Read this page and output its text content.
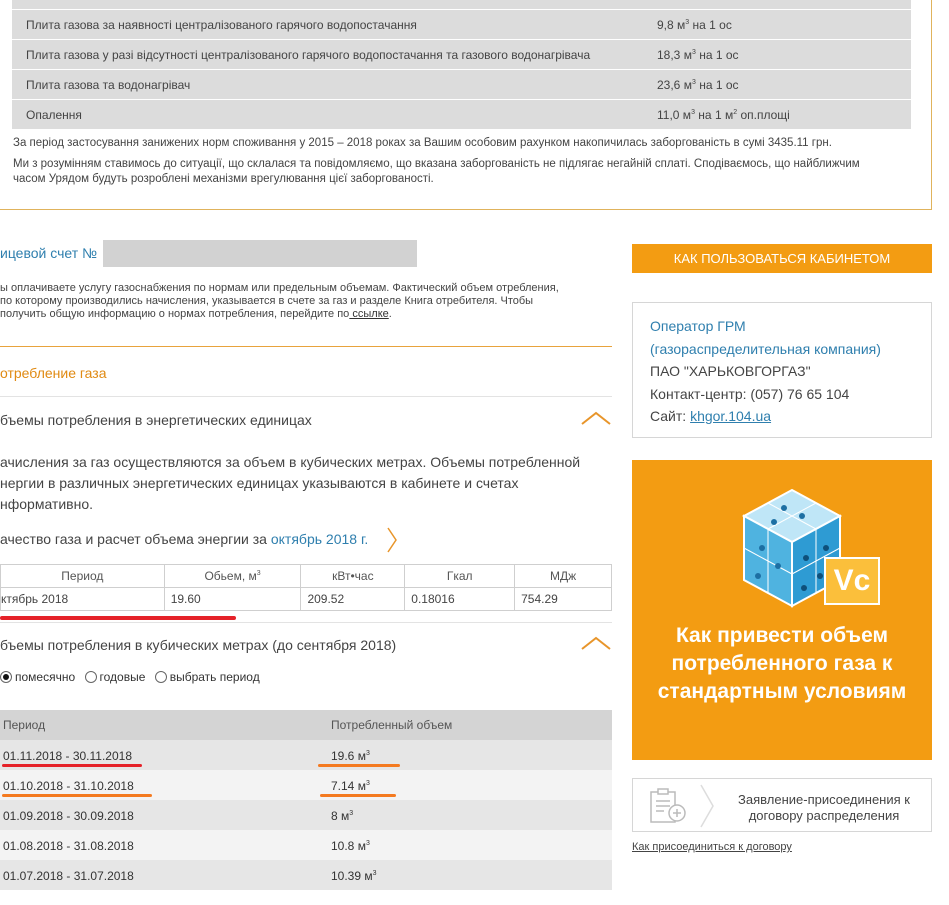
Плита газова за наявності централізованого гарячого водопостачання	9,8 $м^3$ на 1 ос
Плита газова у разі відсутності централізованого гарячого водопостачання та газового водонагрівача	18,3 $м^3$ на 1 ос
Плита газова та водонагрівач	23,6 $м^3$ на 1 ос
Опалення	11,0 $м^3$ на 1 $м^2$ оп.площі
За період застосування занижених норм споживання у 2015 – 2018 роках за Вашим особовим рахунком накопичилась заборгованість в сумі 3435.11 грн.
Ми з розумінням ставимось до ситуації, що склалася та повідомляємо, що вказана заборгованість не підлягає негайній сплаті. Сподіваємось, що найближчим часом Урядом будуть розроблені механізми врегулювання цієї заборгованості.
ицевой счет №
ы оплачиваете услугу газоснабжения по нормам или предельным объемам. Фактический объем отребления, по которому производились начисления, указывается в счете за газ и разделе Книга отребителя. Чтобы получить общую информацию о нормах потребления, перейдите по ссылке.
отребление газа
бъемы потребления в энергетических единицах
ачисления за газ осуществляются за объем в кубических метрах. Объемы потребленной нергии в различных энергетических единицах указываются в кабинете и счетах нформативно.
ачество газа и расчет объема энергии за октябрь 2018 г.
Период	Обьем, $м^3$	кВт•час	Гкал	МДж
ктябрь 2018	19.60	209.52	0.18016	754.29
бъемы потребления в кубических метрах (до сентября 2018)
помесячно годовые выбрать период
Период	Потребленный объем
01.11.2018 - 30.11.2018	19.6 $м^3$
01.10.2018 - 31.10.2018	7.14 $м^3$
01.09.2018 - 30.09.2018	8 $м^3$
01.08.2018 - 31.08.2018	10.8 $м^3$
01.07.2018 - 31.07.2018	10.39 $м^3$
КАК ПОЛЬЗОВАТЬСЯ КАБИНЕТОМ
Оператор ГРМ
(газораспределительная компания)
ПАО "ХАРЬКОВГОРГАЗ"
Контакт-центр: (057) 76 65 104
Сайт: khgor.104.ua
Vc
Как привести объем потребленного газа к стандартным условиям
Заявление-присоединения к договору распределения
Как присоединиться к договору
